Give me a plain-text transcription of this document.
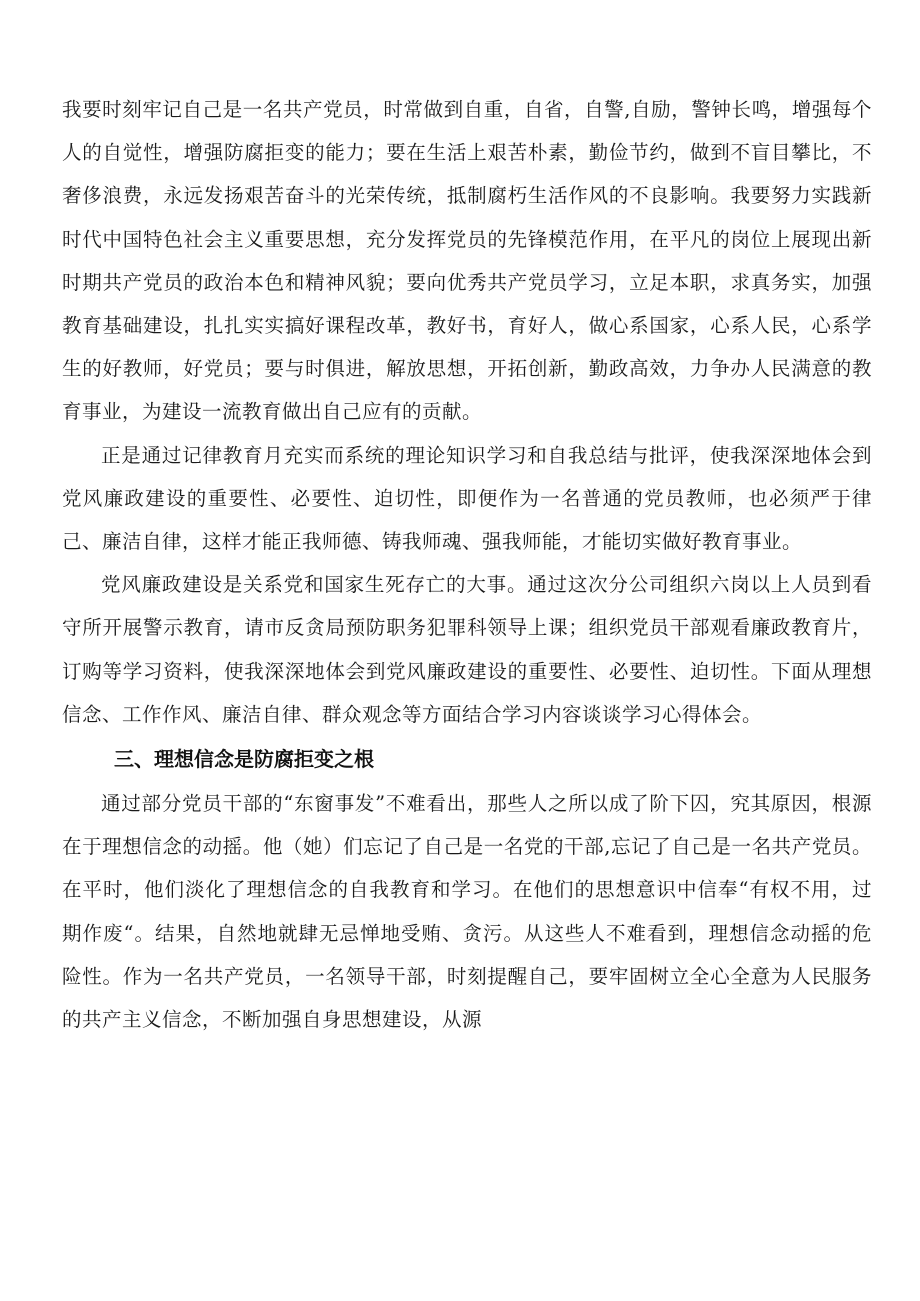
我要时刻牢记自己是一名共产党员，时常做到自重，自省，自警,自励，警钟长鸣，增强每个人的自觉性，增强防腐拒变的能力；要在生活上艰苦朴素，勤俭节约，做到不盲目攀比，不奢侈浪费，永远发扬艰苦奋斗的光荣传统，抵制腐朽生活作风的不良影响。我要努力实践新时代中国特色社会主义重要思想，充分发挥党员的先锋模范作用，在平凡的岗位上展现出新时期共产党员的政治本色和精神风貌；要向优秀共产党员学习，立足本职，求真务实，加强教育基础建设，扎扎实实搞好课程改革，教好书，育好人，做心系国家，心系人民，心系学生的好教师，好党员；要与时俱进，解放思想，开拓创新，勤政高效，力争办人民满意的教育事业，为建设一流教育做出自己应有的贡献。

正是通过记律教育月充实而系统的理论知识学习和自我总结与批评，使我深深地体会到党风廉政建设的重要性、必要性、迫切性，即便作为一名普通的党员教师，也必须严于律己、廉洁自律，这样才能正我师德、铸我师魂、强我师能，才能切实做好教育事业。

党风廉政建设是关系党和国家生死存亡的大事。通过这次分公司组织六岗以上人员到看守所开展警示教育，请市反贪局预防职务犯罪科领导上课；组织党员干部观看廉政教育片，订购等学习资料，使我深深地体会到党风廉政建设的重要性、必要性、迫切性。下面从理想信念、工作作风、廉洁自律、群众观念等方面结合学习内容谈谈学习心得体会。

三、理想信念是防腐拒变之根

通过部分党员干部的“东窗事发”不难看出，那些人之所以成了阶下囚，究其原因，根源在于理想信念的动摇。他（她）们忘记了自己是一名党的干部,忘记了自己是一名共产党员。在平时，他们淡化了理想信念的自我教育和学习。在他们的思想意识中信奉“有权不用，过期作废“。结果，自然地就肆无忌惮地受贿、贪污。从这些人不难看到，理想信念动摇的危险性。作为一名共产党员，一名领导干部，时刻提醒自己，要牢固树立全心全意为人民服务的共产主义信念，不断加强自身思想建设，从源
